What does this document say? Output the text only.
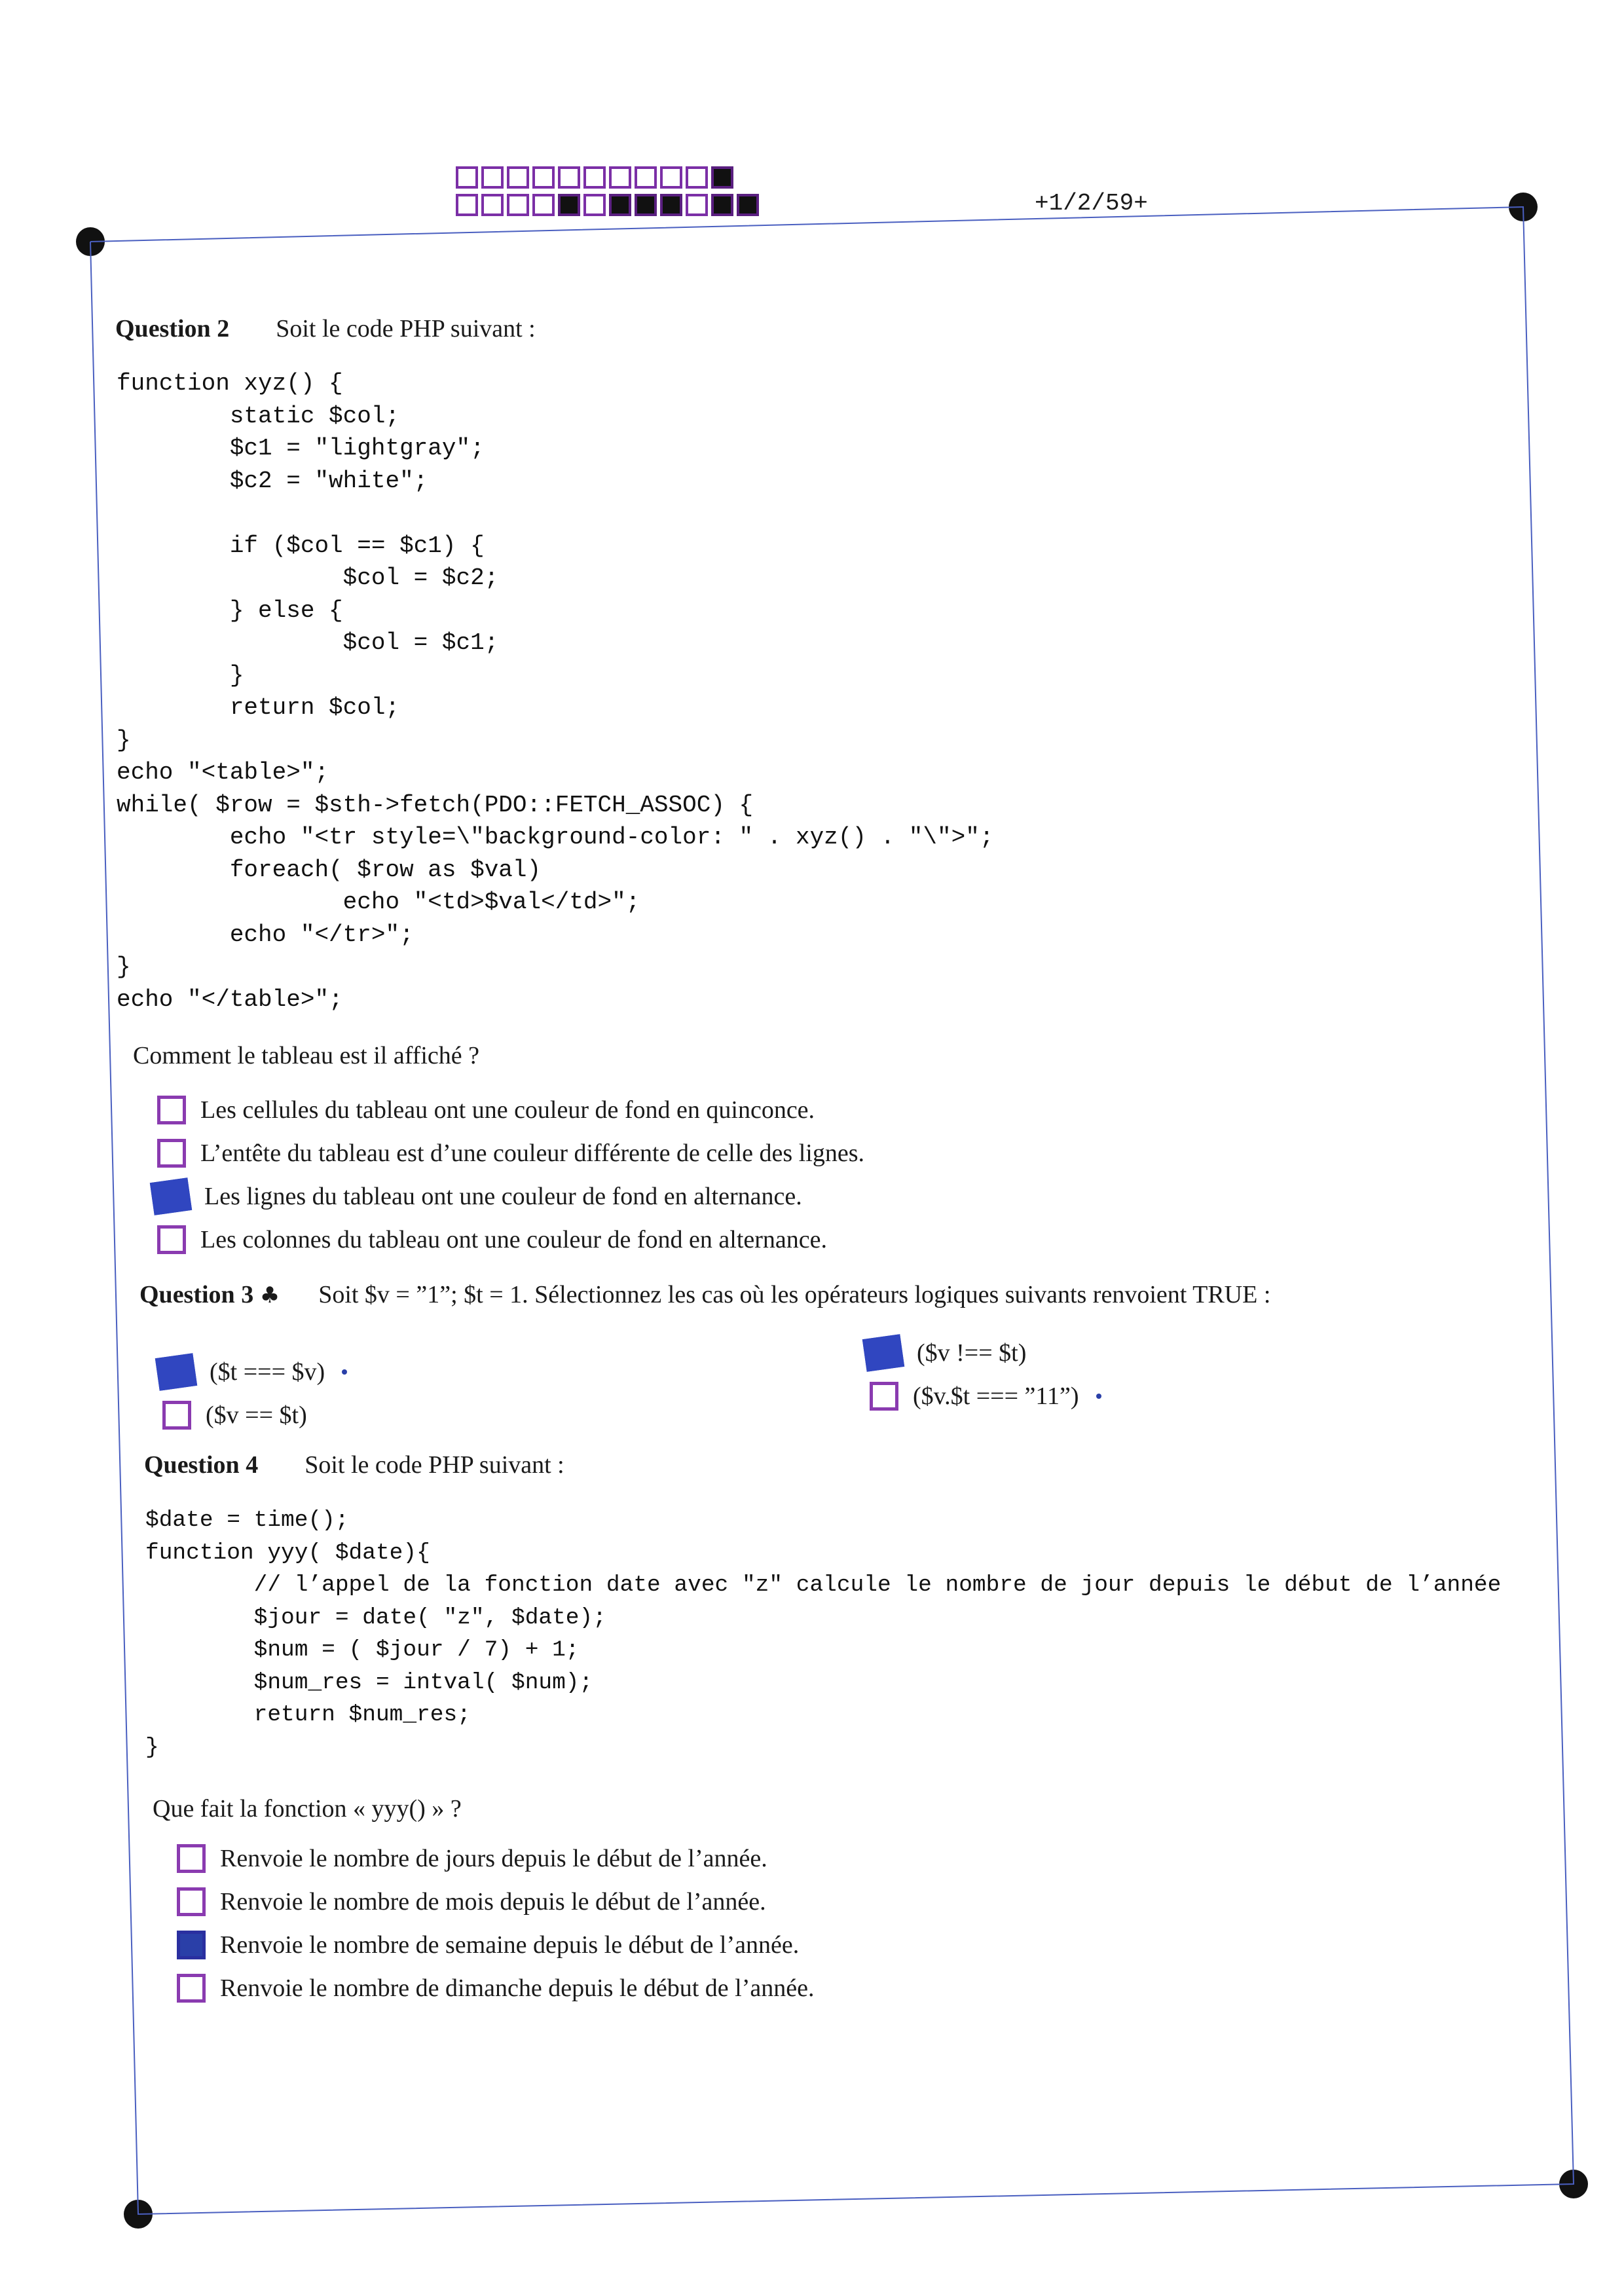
+1/2/59+
Question 2 Soit le code PHP suivant :
function xyz() {
static $col;
$c1 = "lightgray";
$c2 = "white";

if ($col == $c1) {
$col = $c2;
} else {
$col = $c1;
}
return $col;
}
echo "<table>";
while( $row = $sth->fetch(PDO::FETCH_ASSOC) {
echo "<tr style=\"background-color: " . xyz() . "\">";
foreach( $row as $val)
echo "<td>$val</td>";
echo "</tr>";
}
echo "</table>";
Comment le tableau est il affiché ?
Les cellules du tableau ont une couleur de fond en quinconce.
L’entête du tableau est d’une couleur différente de celle des lignes.
Les lignes du tableau ont une couleur de fond en alternance.
Les colonnes du tableau ont une couleur de fond en alternance.
Question 3 ♣ Soit $v = ”1”; $t = 1. Sélectionnez les cas où les opérateurs logiques suivants renvoient TRUE :
($t === $v)
($v == $t)
($v !== $t)
($v.$t === ”11”)
Question 4 Soit le code PHP suivant :
$date = time();
function yyy( $date){
// l’appel de la fonction date avec "z" calcule le nombre de jour depuis le début de l’année
$jour = date( "z", $date);
$num = ( $jour / 7) + 1;
$num_res = intval( $num);
return $num_res;
}
Que fait la fonction « yyy() » ?
Renvoie le nombre de jours depuis le début de l’année.
Renvoie le nombre de mois depuis le début de l’année.
Renvoie le nombre de semaine depuis le début de l’année.
Renvoie le nombre de dimanche depuis le début de l’année.
